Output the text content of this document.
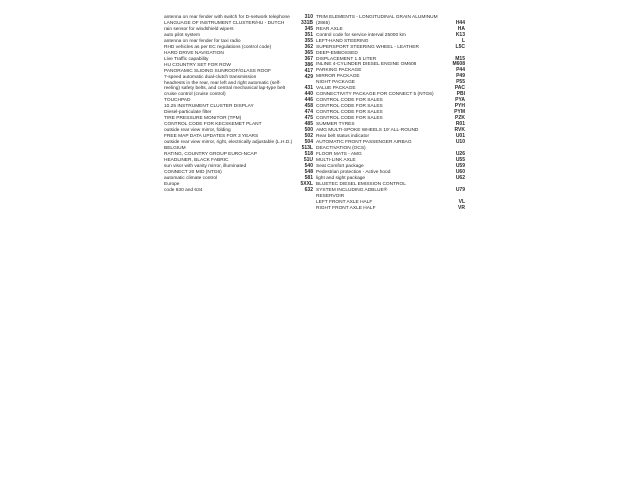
antenna on rear fender with switch for D-network telephone	310
LANGUAGE OF INSTRUMENT CLUSTER/HU - DUTCH	331B
rain sensor for windshield wipers	345
auto pilot system	351
antenna on rear fender for taxi radio	355
RHD vehicles as per EC regulations (control code)	362
HARD DRIVE NAVIGATION	365
Live Traffic capability	367
HU COUNTRY SET FOR ROW	386
PANORAMIC SLIDING SUNROOF/GLASS ROOF	417
7-speed automatic dual-clutch transmission	429
headrests in the rear, rear left and right automatic (self-reeling) safety belts, and central mechanical lap-type belt	431
cruise control (cruise control)	440
TOUCHPAD	446
10.25 INSTRUMENT CLUSTER DISPLAY	458
Diesel-particulate filter	474
TIRE PRESSURE MONITOR (TPM)	475
CONTROL CODE FOR KECSKEMET PLANT	485
outside rear view mirror, folding	500
FREE MAP DATA UPDATES FOR 3 YEARS	502
outside rear view mirror, right, electrically adjustable (L.H.D.)	504
BELGIUM	513L
RATING, COUNTRY GROUP EURO-NCAP	518
HEADLINER, BLACK FABRIC	51U
sun visor with vanity mirror, illuminated	540
CONNECT 20 MID (NTG6)	548
automatic climate control	581
Europe	5XXL
code 630 and 634	632
TRIM ELEMENTS - LONGITUDINAL GRAIN ALUMINUM (2865)	H44
REAR AXLE	HA
Control code for service interval 25000 km	K13
LEFT-HAND STEERING	L
SUPERSPORT STEERING WHEEL - LEATHER	L5C
DEEP-EMBOSSED
DISPLACEMENT 1.5 LITER	M15
INLINE 4-CYLINDER DIESEL ENGINE OM608	M608
PARKING PACKAGE	P44
MIRROR PACKAGE	P49
NIGHT PACKAGE	P55
VALUE PACKAGE	PAC
CONNECTIVITY PACKAGE FOR CONNECT 5 (NTG6)	PBI
CONTROL CODE FOR SALES	PYA
CONTROL CODE FOR SALES	PYH
CONTROL CODE FOR SALES	PYM
CONTROL CODE FOR SALES	PZK
SUMMER TYRES	R01
AMG MULTI-SPOKE WHEELS 19' ALL-ROUND	RVK
Rear belt status indicator	U01
AUTOMATIC FRONT PASSENGER AIRBAG	U10
DEACTIVATION (OCS)
FLOOR MATS - AMG	U26
MULTI-LINK AXLE	U55
Seat Comfort package	U59
Pedestrian protection - Active hood	U60
light and sight package	U62
BLUETEC DIESEL EMISSION CONTROL
SYSTEM INCLUDING ADBLUE®	U79
RESERVOIR
LEFT FRONT AXLE HALF	VL
RIGHT FRONT AXLE HALF	VR
